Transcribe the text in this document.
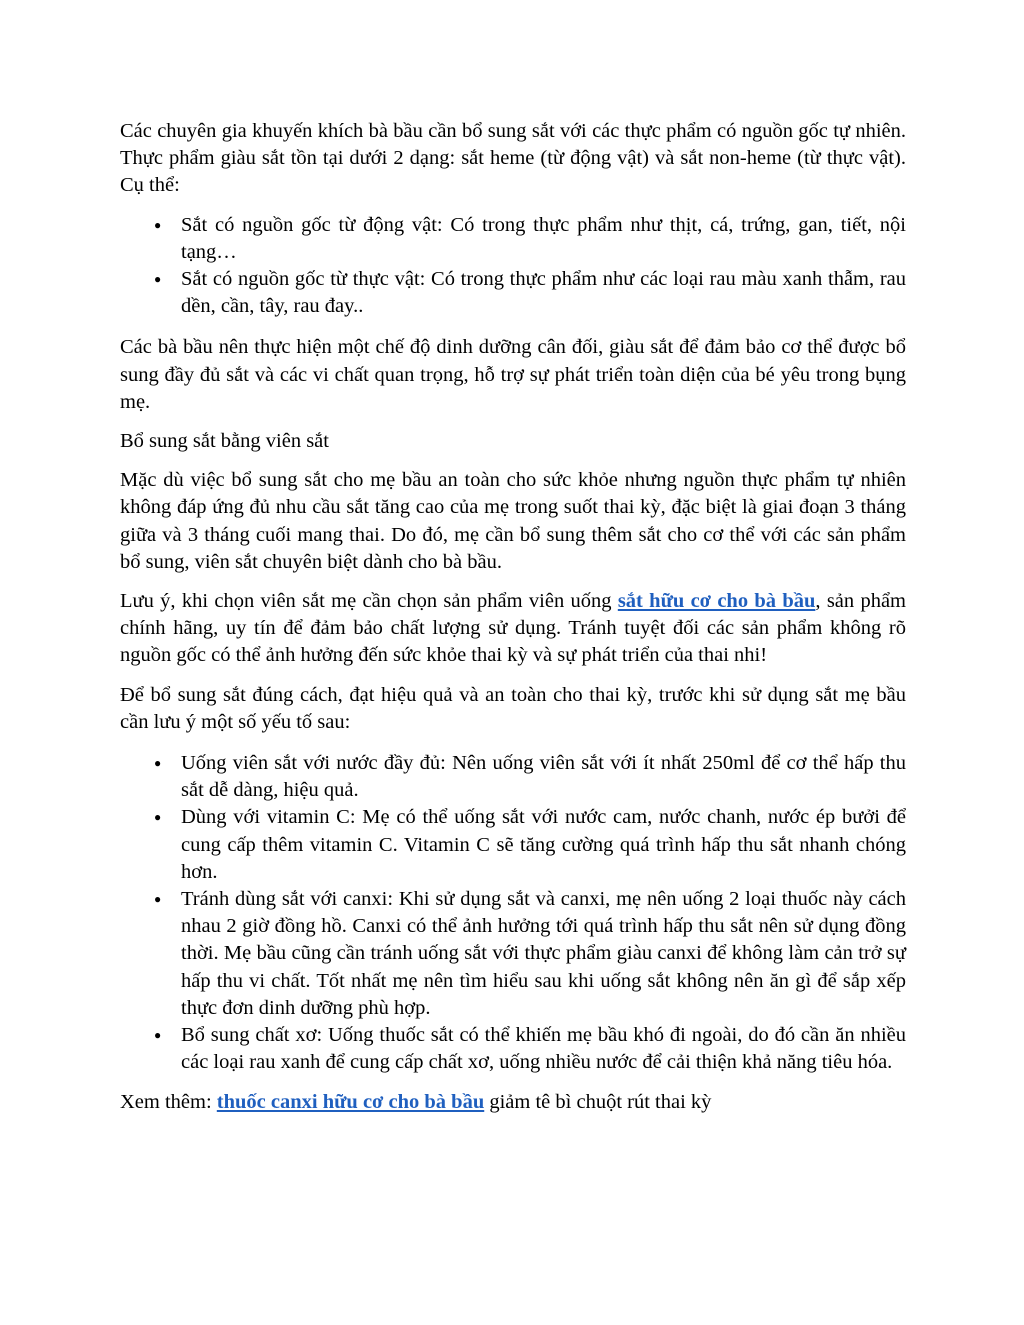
Các chuyên gia khuyến khích bà bầu cần bổ sung sắt với các thực phẩm có nguồn gốc tự nhiên. Thực phẩm giàu sắt tồn tại dưới 2 dạng: sắt heme (từ động vật) và sắt non-heme (từ thực vật). Cụ thể:

● Sắt có nguồn gốc từ động vật: Có trong thực phẩm như thịt, cá, trứng, gan, tiết, nội tạng…
● Sắt có nguồn gốc từ thực vật: Có trong thực phẩm như các loại rau màu xanh thẫm, rau dền, cần, tây, rau đay..

Các bà bầu nên thực hiện một chế độ dinh dưỡng cân đối, giàu sắt để đảm bảo cơ thể được bổ sung đầy đủ sắt và các vi chất quan trọng, hỗ trợ sự phát triển toàn diện của bé yêu trong bụng mẹ.

Bổ sung sắt bằng viên sắt

Mặc dù việc bổ sung sắt cho mẹ bầu an toàn cho sức khỏe nhưng nguồn thực phẩm tự nhiên không đáp ứng đủ nhu cầu sắt tăng cao của mẹ trong suốt thai kỳ, đặc biệt là giai đoạn 3 tháng giữa và 3 tháng cuối mang thai. Do đó, mẹ cần bổ sung thêm sắt cho cơ thể với các sản phẩm bổ sung, viên sắt chuyên biệt dành cho bà bầu.

Lưu ý, khi chọn viên sắt mẹ cần chọn sản phẩm viên uống sắt hữu cơ cho bà bầu, sản phẩm chính hãng, uy tín để đảm bảo chất lượng sử dụng. Tránh tuyệt đối các sản phẩm không rõ nguồn gốc có thể ảnh hưởng đến sức khỏe thai kỳ và sự phát triển của thai nhi!

Để bổ sung sắt đúng cách, đạt hiệu quả và an toàn cho thai kỳ, trước khi sử dụng sắt mẹ bầu cần lưu ý một số yếu tố sau:

● Uống viên sắt với nước đầy đủ: Nên uống viên sắt với ít nhất 250ml để cơ thể hấp thu sắt dễ dàng, hiệu quả.
● Dùng với vitamin C: Mẹ có thể uống sắt với nước cam, nước chanh, nước ép bưởi để cung cấp thêm vitamin C. Vitamin C sẽ tăng cường quá trình hấp thu sắt nhanh chóng hơn.
● Tránh dùng sắt với canxi: Khi sử dụng sắt và canxi, mẹ nên uống 2 loại thuốc này cách nhau 2 giờ đồng hồ. Canxi có thể ảnh hưởng tới quá trình hấp thu sắt nên sử dụng đồng thời. Mẹ bầu cũng cần tránh uống sắt với thực phẩm giàu canxi để không làm cản trở sự hấp thu vi chất. Tốt nhất mẹ nên tìm hiểu sau khi uống sắt không nên ăn gì để sắp xếp thực đơn dinh dưỡng phù hợp.
● Bổ sung chất xơ: Uống thuốc sắt có thể khiến mẹ bầu khó đi ngoài, do đó cần ăn nhiều các loại rau xanh để cung cấp chất xơ, uống nhiều nước để cải thiện khả năng tiêu hóa.

Xem thêm: thuốc canxi hữu cơ cho bà bầu giảm tê bì chuột rút thai kỳ
